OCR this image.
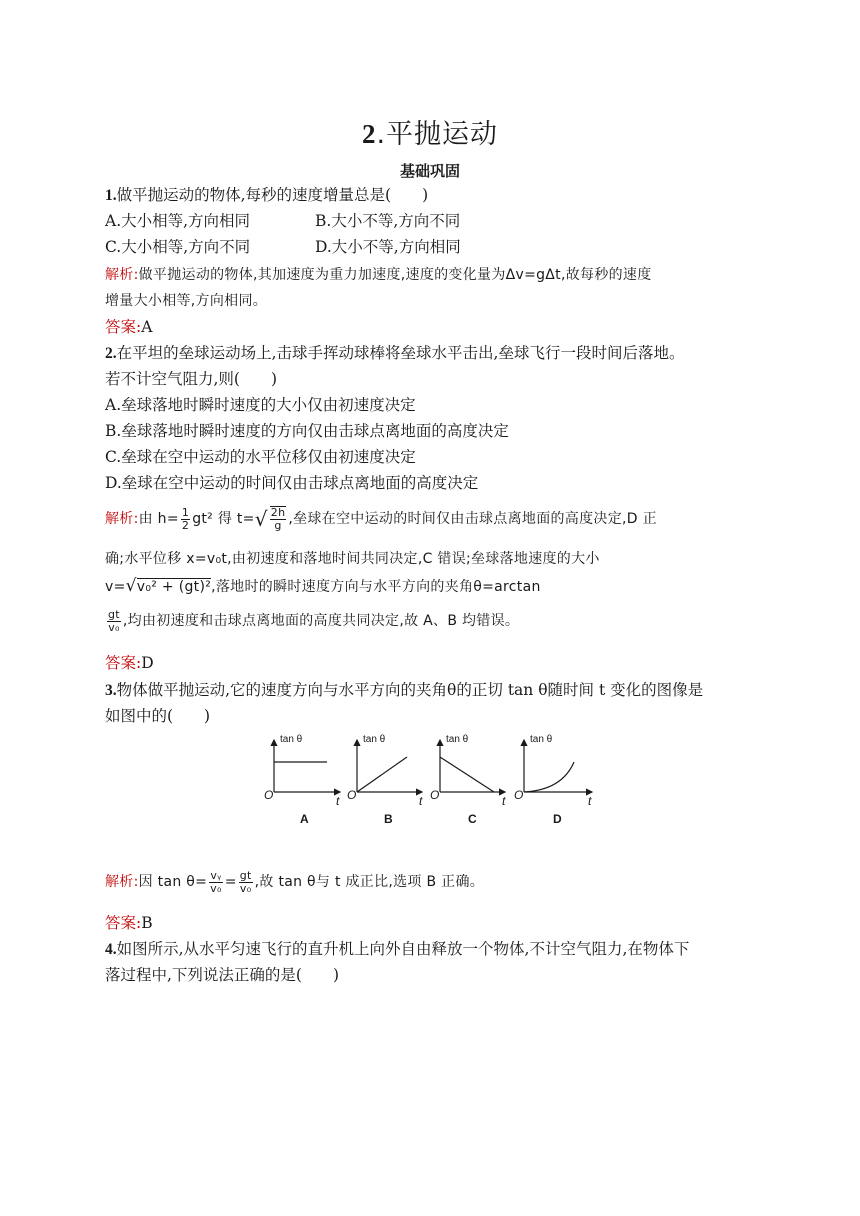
2.平抛运动
基础巩固
1.做平抛运动的物体,每秒的速度增量总是(　　)
A.大小相等,方向相同	B.大小不等,方向不同
C.大小相等,方向不同	D.大小不等,方向相同
解析:做平抛运动的物体,其加速度为重力加速度,速度的变化量为Δv=gΔt,故每秒的速度
增量大小相等,方向相同。
答案:A
2.在平坦的垒球运动场上,击球手挥动球棒将垒球水平击出,垒球飞行一段时间后落地。
若不计空气阻力,则(　　)
A.垒球落地时瞬时速度的大小仅由初速度决定
B.垒球落地时瞬时速度的方向仅由击球点离地面的高度决定
C.垒球在空中运动的水平位移仅由初速度决定
D.垒球在空中运动的时间仅由击球点离地面的高度决定
解析:由 $h= \frac{1}{2} gt^2$ 得 $t=√ \frac{2h}{g}$ ,垒球在空中运动的时间仅由击球点离地面的高度决定,D 正
确;水平位移 x=v₀t,由初速度和落地时间共同决定,C 错误;垒球落地速度的大小
v=√v₀² + (gt)²,落地时的瞬时速度方向与水平方向的夹角θ=arctan
$\frac{gt}{\text{v₀}}$ ,均由初速度和击球点离地面的高度共同决定,故 A、B 均错误。
答案:D
3.物体做平抛运动,它的速度方向与水平方向的夹角θ的正切 tan θ随时间 t 变化的图像是
如图中的(　　)
tan θ	tan θ	tan θ	tan θ
O	O	O	O
t	t	t	t
A	B	C	D
解析:因 $\tan \theta= \frac{\text{vᵧ}}{\text{v₀}} = \frac{gt}{\text{v₀}}$ ,故 tan θ与 t 成正比,选项 B 正确。
答案:B
4.如图所示,从水平匀速飞行的直升机上向外自由释放一个物体,不计空气阻力,在物体下
落过程中,下列说法正确的是(　　)
